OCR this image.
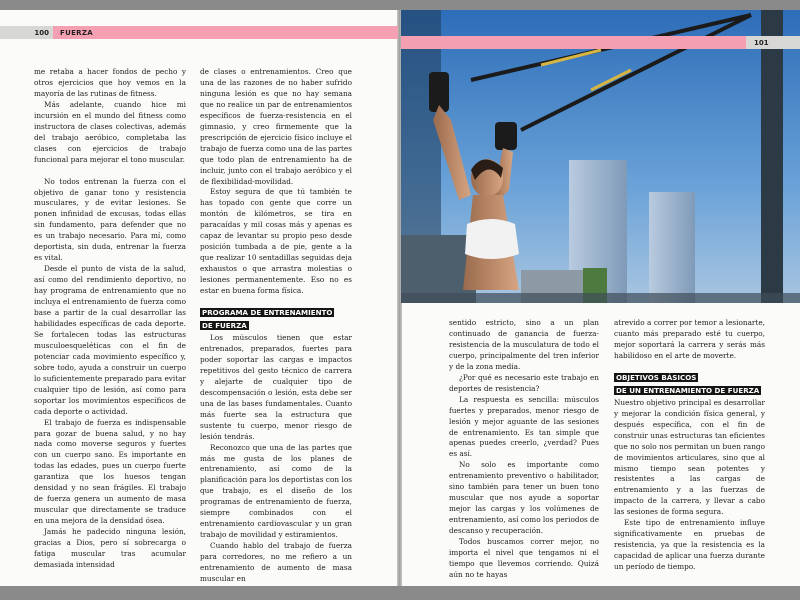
100	FUERZA
101

me retaba a hacer fondos de pecho y otros ejercicios que hoy vemos en la mayoría de las rutinas de fitness.

Más adelante, cuando hice mi incursión en el mundo del fitness como instructora de clases colectivas, además del trabajo aeróbico, completaba las clases con ejercicios de trabajo funcional para mejorar el tono muscular.

No todos entrenan la fuerza con el objetivo de ganar tono y resistencia musculares, y de evitar lesiones. Se ponen infinidad de excusas, todas ellas sin fundamento, para defender que no es un trabajo necesario. Para mí, como deportista, sin duda, entrenar la fuerza es vital.

Desde el punto de vista de la salud, así como del rendimiento deportivo, no hay programa de entrenamiento que no incluya el entrenamiento de fuerza como base a partir de la cual desarrollar las habilidades específicas de cada deporte. Se fortalecen todas las estructuras musculoesqueléticas con el fin de potenciar cada movimiento específico y, sobre todo, ayuda a construir un cuerpo lo suficientemente preparado para evitar cualquier tipo de lesión, así como para soportar los movimientos específicos de cada deporte o actividad.

El trabajo de fuerza es indispensable para gozar de buena salud, y no hay nada como moverse seguros y fuertes con un cuerpo sano. Es importante en todas las edades, pues un cuerpo fuerte garantiza que los huesos tengan densidad y no sean frágiles. El trabajo de fuerza genera un aumento de masa muscular que directamente se traduce en una mejora de la densidad ósea.

Jamás he padecido ninguna lesión, gracias a Dios, pero sí sobrecarga o fatiga muscular tras acumular demasiada intensidad

de clases o entrenamientos. Creo que una de las razones de no haber sufrido ninguna lesión es que no hay semana que no realice un par de entrenamientos específicos de fuerza-resistencia en el gimnasio, y creo firmemente que la prescripción de ejercicio físico incluye el trabajo de fuerza como una de las partes que todo plan de entrenamiento ha de incluir, junto con el trabajo aeróbico y el de flexibilidad-movilidad.

Estoy segura de que tú también te has topado con gente que corre un montón de kilómetros, se tira en paracaídas y mil cosas más y apenas es capaz de levantar su propio peso desde posición tumbada a de pie, gente a la que realizar 10 sentadillas seguidas deja exhaustos o que arrastra molestias o lesiones permanentemente. Eso no es estar en buena forma física.

PROGRAMA DE ENTRENAMIENTO
DE FUERZA

Los músculos tienen que estar entrenados, preparados, fuertes para poder soportar las cargas e impactos repetitivos del gesto técnico de carrera y alejarte de cualquier tipo de descompensación o lesión, esta debe ser una de las bases fundamentales. Cuanto más fuerte sea la estructura que sustente tu cuerpo, menor riesgo de lesión tendrás.

Reconozco que una de las partes que más me gusta de los planes de entrenamiento, así como de la planificación para los deportistas con los que trabajo, es el diseño de los programas de entrenamiento de fuerza, siempre combinados con el entrenamiento cardiovascular y un gran trabajo de movilidad y estiramientos.

Cuando hablo del trabajo de fuerza para corredores, no me refiero a un entrenamiento de aumento de masa muscular en

sentido estricto, sino a un plan continuado de ganancia de fuerza-resistencia de la musculatura de todo el cuerpo, principalmente del tren inferior y de la zona media.

¿Por qué es necesario este trabajo en deportes de resistencia?

La respuesta es sencilla: músculos fuertes y preparados, menor riesgo de lesión y mejor aguante de las sesiones de entrenamiento. Es tan simple que apenas puedes creerlo, ¿verdad? Pues es así.

No solo es importante como entrenamiento preventivo o habilitador, sino también para tener un buen tono muscular que nos ayude a soportar mejor las cargas y los volúmenes de entrenamiento, así como los periodos de descanso y recuperación.

Todos buscamos correr mejor, no importa el nivel que tengamos ni el tiempo que llevemos corriendo. Quizá aún no te hayas

atrevido a correr por temor a lesionarte, cuanto más preparado esté tu cuerpo, mejor soportará la carrera y serás más habilidoso en el arte de moverte.

OBJETIVOS BÁSICOS
DE UN ENTRENAMIENTO DE FUERZA

Nuestro objetivo principal es desarrollar y mejorar la condición física general, y después específica, con el fin de construir unas estructuras tan eficientes que no solo nos permitan un buen rango de movimientos articulares, sino que al mismo tiempo sean potentes y resistentes a las cargas de entrenamiento y a las fuerzas de impacto de la carrera, y llevar a cabo las sesiones de forma segura.

Este tipo de entrenamiento influye significativamente en pruebas de resistencia, ya que la resistencia es la capacidad de aplicar una fuerza durante un período de tiempo.
